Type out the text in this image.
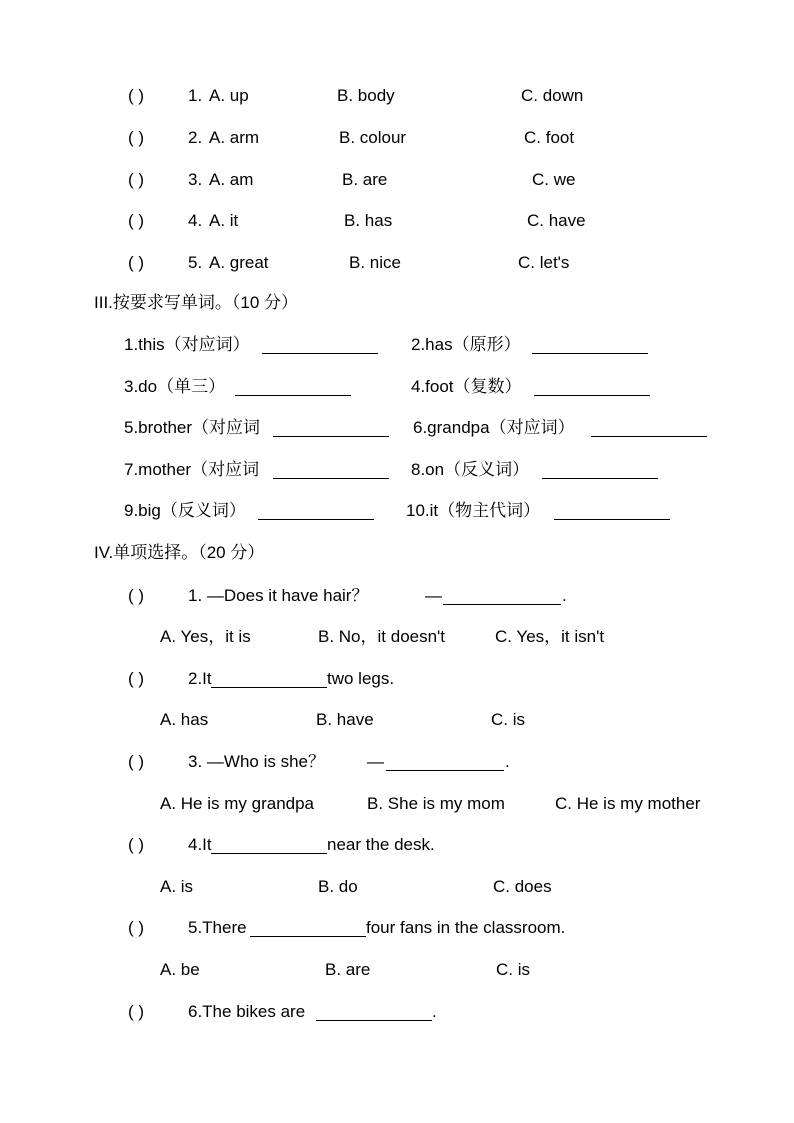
( )	1. A. up	B. body	C. down
( )	2. A. arm	B. colour	C. foot
( )	3. A. am	B. are	C. we
( )	4. A. it	B. has	C. have
( )	5. A. great	B. nice	C. let's
III.按要求写单词。（10 分）
1.this（对应词）	2.has（原形）
3.do（单三）	4.foot（复数）
5.brother（对应词	6.grandpa（对应词）
7.mother（对应词	8.on（反义词）
9.big（反义词）	10.it（物主代词）
IV.单项选择。（20 分）
( )	1. —Does it have hair？	—	.
A. Yes，it is	B. No，it doesn't	C. Yes，it isn't
( )	2.It	two legs.
A. has	B. have	C. is
( )	3. —Who is she？ —	.
A. He is my grandpa	B. She is my mom	C. He is my mother
( )	4.It	near the desk.
A. is	B. do	C. does
( )	5.There	four fans in the classroom.
A. be	B. are	C. is
( )	6.The bikes are	.
